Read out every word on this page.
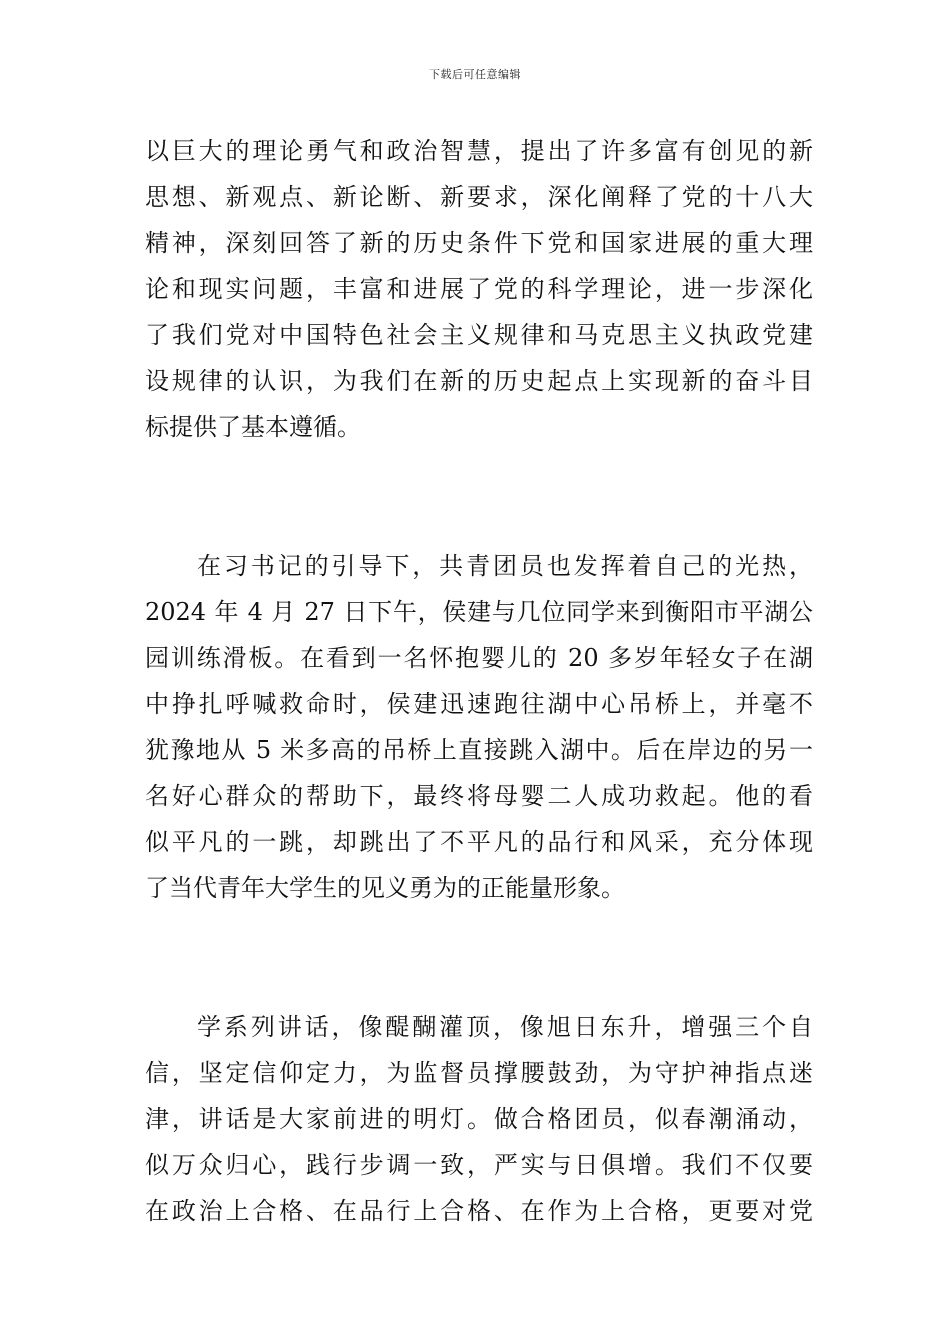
下载后可任意编辑
以巨大的理论勇气和政治智慧，提出了许多富有创见的新
思想、新观点、新论断、新要求，深化阐释了党的十八大
精神，深刻回答了新的历史条件下党和国家进展的重大理
论和现实问题，丰富和进展了党的科学理论，进一步深化
了我们党对中国特色社会主义规律和马克思主义执政党建
设规律的认识，为我们在新的历史起点上实现新的奋斗目
标提供了基本遵循。
在习书记的引导下，共青团员也发挥着自己的光热，
2024 年 4 月 27 日下午，侯建与几位同学来到衡阳市平湖公
园训练滑板。在看到一名怀抱婴儿的 20 多岁年轻女子在湖
中挣扎呼喊救命时，侯建迅速跑往湖中心吊桥上，并毫不
犹豫地从 5 米多高的吊桥上直接跳入湖中。后在岸边的另一
名好心群众的帮助下，最终将母婴二人成功救起。他的看
似平凡的一跳，却跳出了不平凡的品行和风采，充分体现
了当代青年大学生的见义勇为的正能量形象。
学系列讲话，像醍醐灌顶，像旭日东升，增强三个自
信，坚定信仰定力，为监督员撑腰鼓劲，为守护神指点迷
津，讲话是大家前进的明灯。做合格团员，似春潮涌动，
似万众归心，践行步调一致，严实与日俱增。我们不仅要
在政治上合格、在品行上合格、在作为上合格，更要对党
